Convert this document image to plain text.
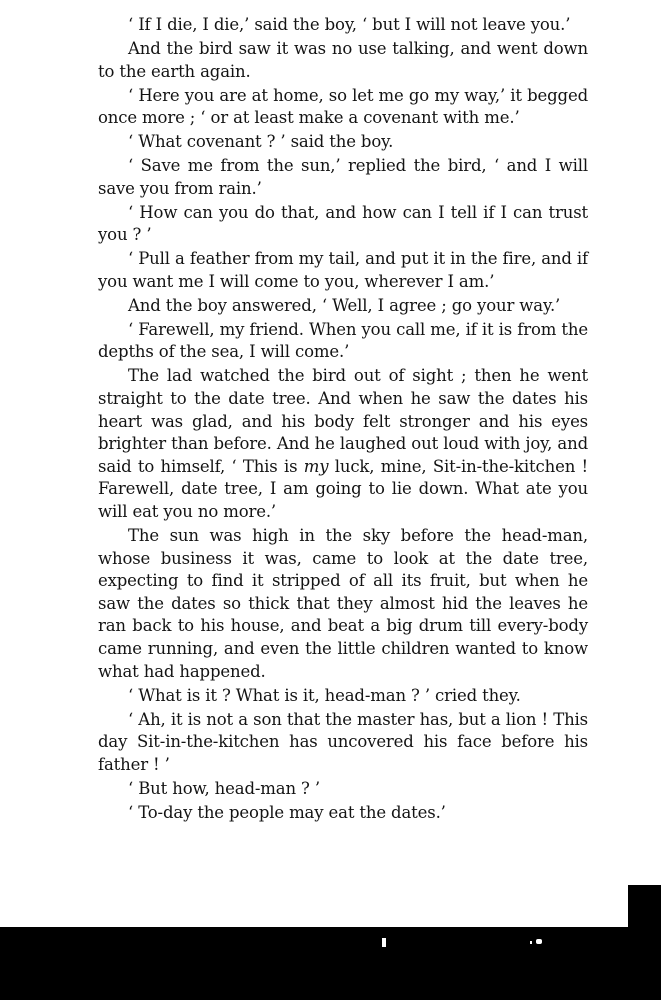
‘ If I die, I die,’ said the boy, ‘ but I will not leave you.’

And the bird saw it was no use talking, and went down to the earth again.

‘ Here you are at home, so let me go my way,’ it begged once more ; ‘ or at least make a covenant with me.’

‘ What covenant ? ’ said the boy.

‘ Save me from the sun,’ replied the bird, ‘ and I will save you from rain.’

‘ How can you do that, and how can I tell if I can trust you ? ’

‘ Pull a feather from my tail, and put it in the fire, and if you want me I will come to you, wherever I am.’

And the boy answered, ‘ Well, I agree ; go your way.’

‘ Farewell, my friend. When you call me, if it is from the depths of the sea, I will come.’

The lad watched the bird out of sight ; then he went straight to the date tree. And when he saw the dates his heart was glad, and his body felt stronger and his eyes brighter than before. And he laughed out loud with joy, and said to himself, ‘ This is my luck, mine, Sit-in-the-kitchen ! Farewell, date tree, I am going to lie down. What ate you will eat you no more.’

The sun was high in the sky before the head-man, whose business it was, came to look at the date tree, expecting to find it stripped of all its fruit, but when he saw the dates so thick that they almost hid the leaves he ran back to his house, and beat a big drum till every-body came running, and even the little children wanted to know what had happened.

‘ What is it ? What is it, head-man ? ’ cried they.

‘ Ah, it is not a son that the master has, but a lion ! This day Sit-in-the-kitchen has uncovered his face before his father ! ’

‘ But how, head-man ? ’

‘ To-day the people may eat the dates.’
